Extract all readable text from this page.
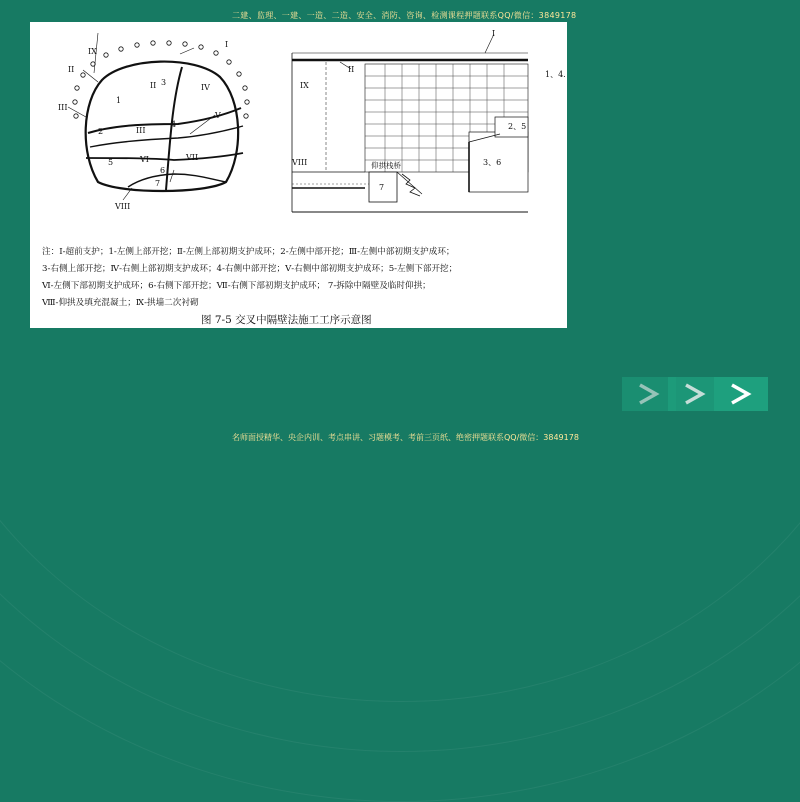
二建、监理、一建、一造、二造、安全、消防、咨询、检测课程押题联系QQ/微信：3849178
I
IX
II
II
III
III
IV
V
VI	VII
VIII
3
1
4
2
5
6
7
I
II
IX
VIII
1、4.
2、5
3、6
7
仰拱栈桥
注：Ⅰ-超前支护；1-左侧上部开挖；Ⅱ-左侧上部初期支护成环；2-左侧中部开挖；Ⅲ-左侧中部初期支护成环；
3-右侧上部开挖；Ⅳ-右侧上部初期支护成环；4-右侧中部开挖；Ⅴ-右侧中部初期支护成环；5-左侧下部开挖；
Ⅵ-左侧下部初期支护成环；6-右侧下部开挖；Ⅶ-右侧下部初期支护成环； 7-拆除中隔壁及临时仰拱；
Ⅷ-仰拱及填充混凝土；Ⅸ-拱墙二次衬砌
图 7-5 交叉中隔壁法施工工序示意图
名师面授精华、央企内训、考点串讲、习题模考、考前三页纸、绝密押题联系QQ/微信：3849178
